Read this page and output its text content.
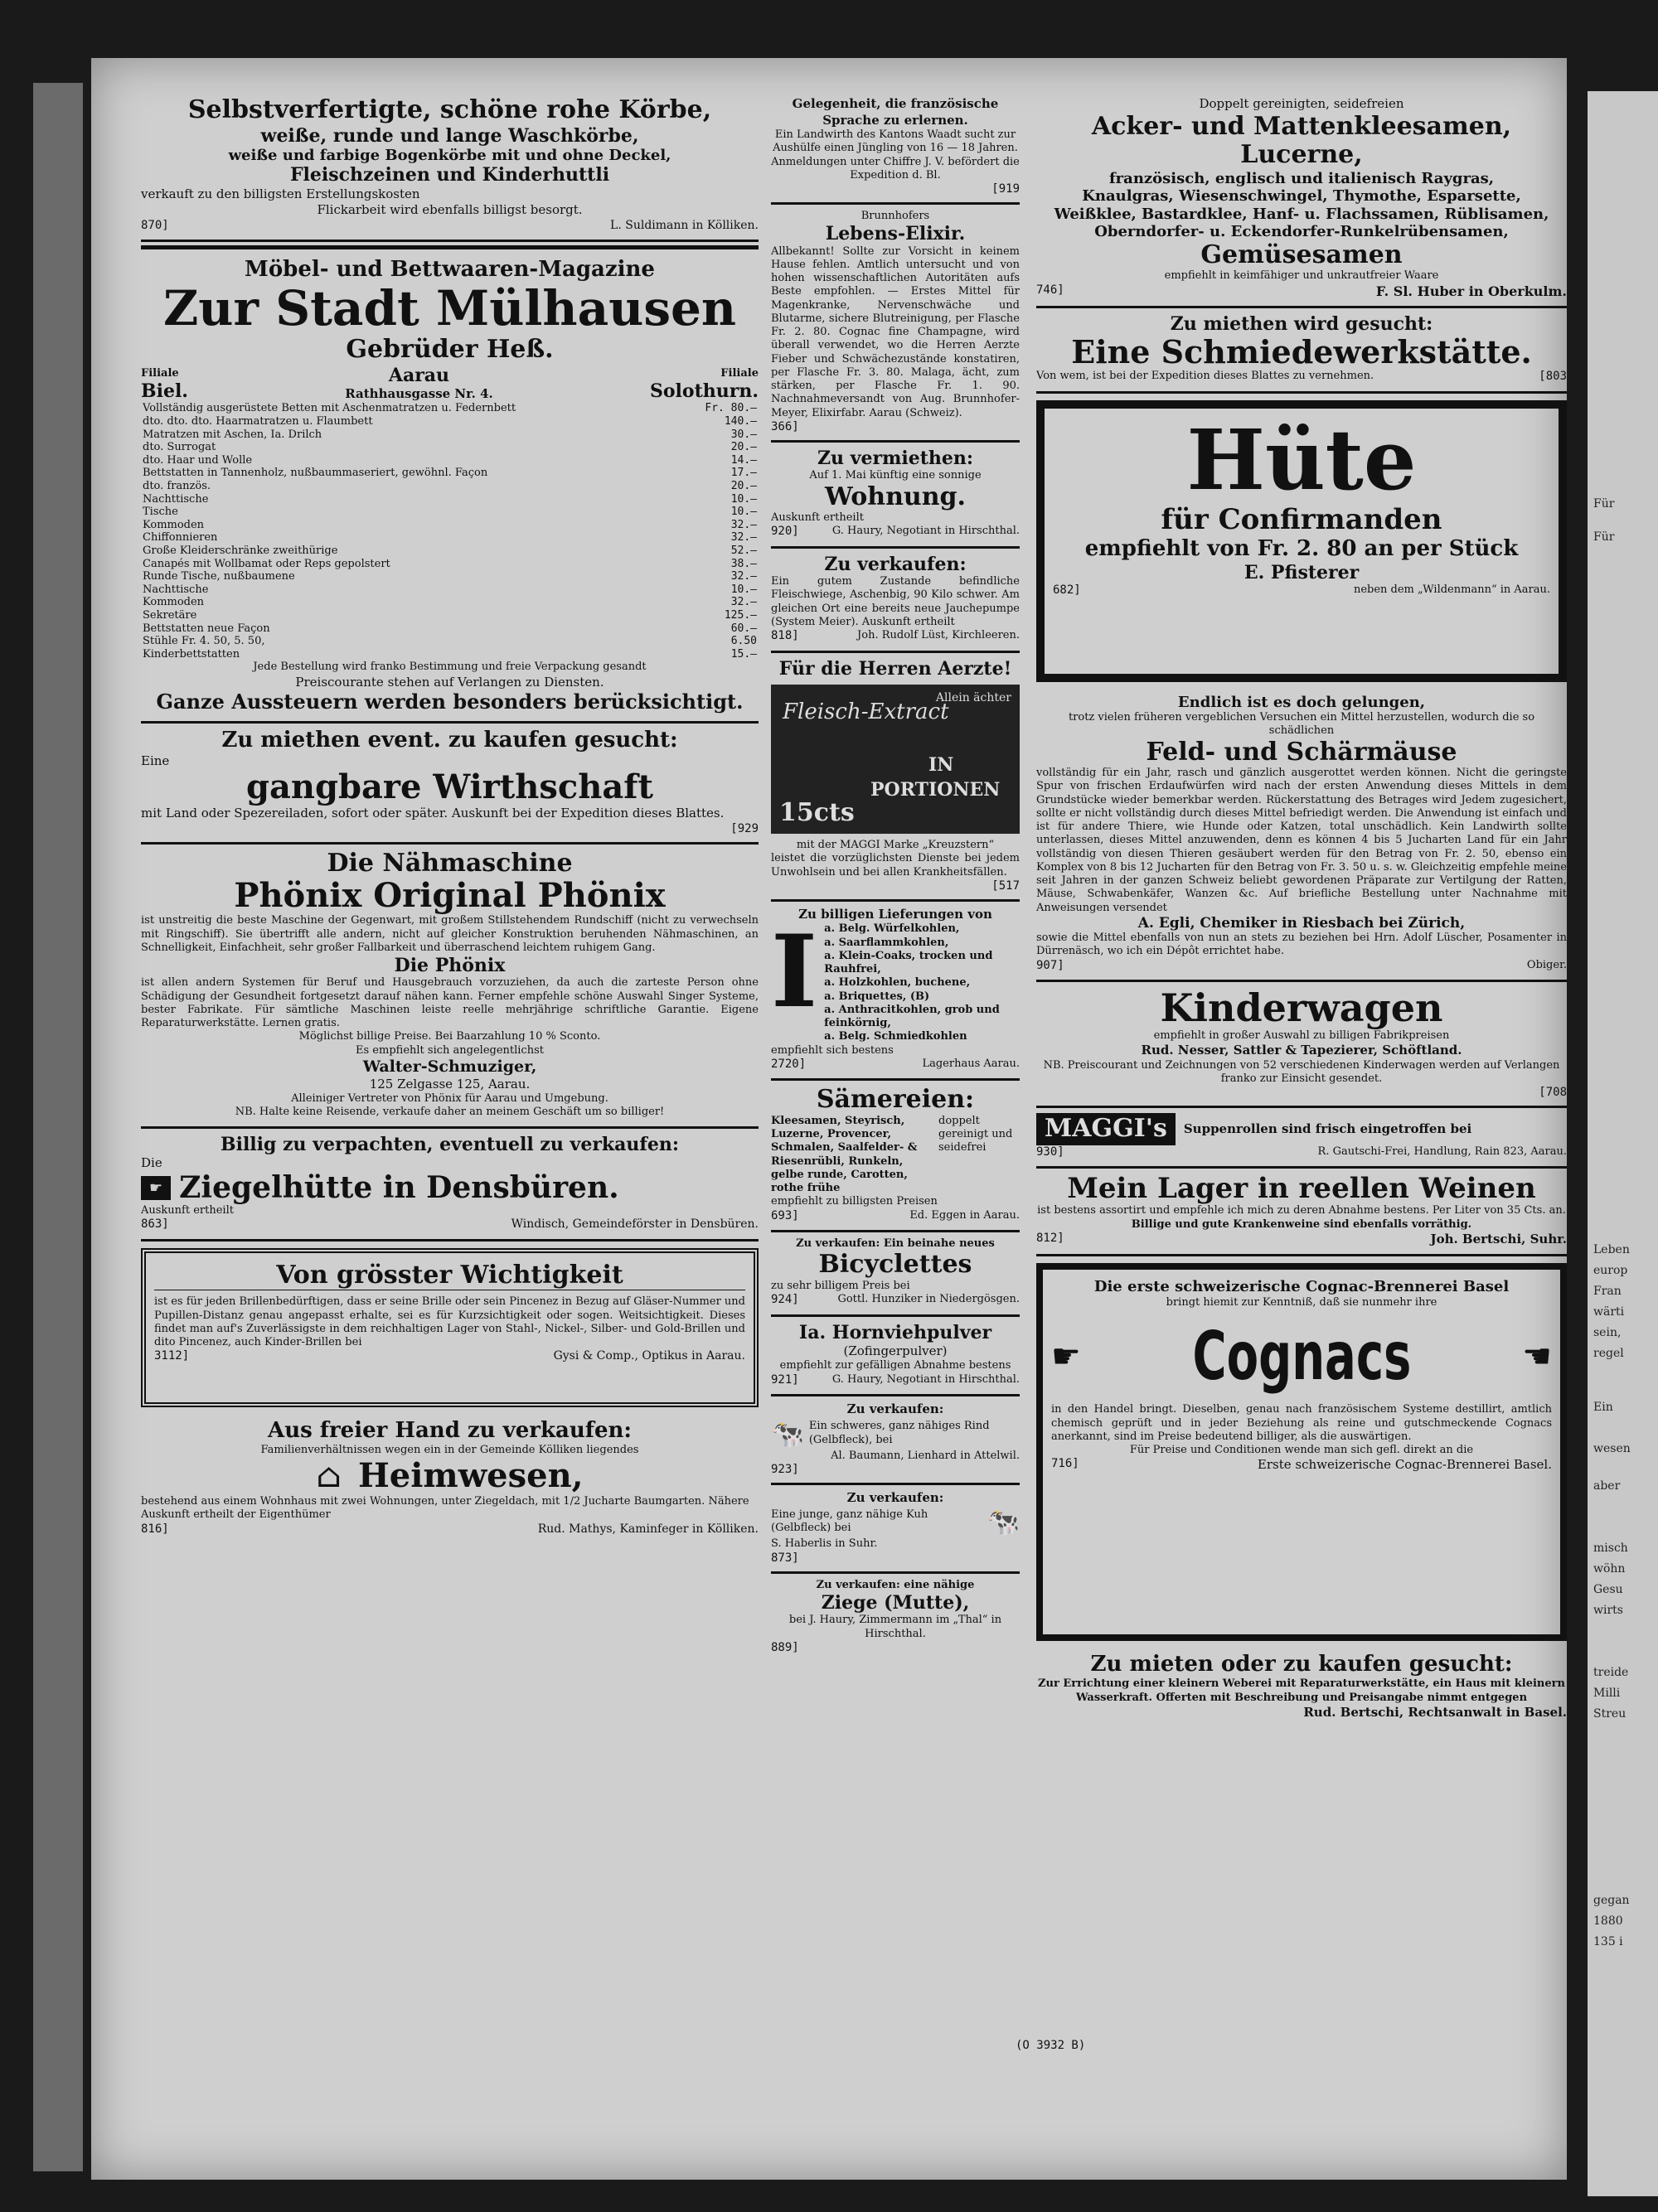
Selbstverfertigte, schöne rohe Körbe,
weiße, runde und lange Waschkörbe,
weiße und farbige Bogenkörbe mit und ohne Deckel,
Fleischzeinen und Kinderhuttli
verkauft zu den billigsten Erstellungskosten
Flickarbeit wird ebenfalls billigst besorgt.
870]	L. Suldimann in Kölliken.
Möbel- und Bettwaaren-Magazine
Zur Stadt Mülhausen
Gebrüder Heß.
Filiale
Biel.
Aarau
Rathhausgasse Nr. 4.
Filiale
Solothurn.
Vollständig ausgerüstete Betten mit Aschenmatratzen u. Federnbett	Fr. 80.—
dto. dto. dto. Haarmatratzen u. Flaumbett	140.—
Matratzen mit Aschen, Ia. Drilch	30.—
dto. Surrogat	20.—
dto. Haar und Wolle	14.—
Bettstatten in Tannenholz, nußbaummaseriert, gewöhnl. Façon	17.—
dto. französ.	20.—
Nachttische	10.—
Tische	10.—
Kommoden	32.—
Chiffonnieren	32.—
Große Kleiderschränke zweithürige	52.—
Canapés mit Wollbamat oder Reps gepolstert	38.—
Runde Tische, nußbaumene	32.—
Nachttische	10.—
Kommoden	32.—
Sekretäre	125.—
Bettstatten neue Façon	60.—
Stühle Fr. 4. 50, 5. 50,	6.50
Kinderbettstatten	15.—
Jede Bestellung wird franko Bestimmung und freie Verpackung gesandt
Preiscourante stehen auf Verlangen zu Diensten.
Ganze Aussteuern werden besonders berücksichtigt.
Zu miethen event. zu kaufen gesucht:
Eine
gangbare Wirthschaft
mit Land oder Spezereiladen, sofort oder später. Auskunft bei der Expedition dieses Blattes.
[929
Die Nähmaschine
Phönix Original Phönix
ist unstreitig die beste Maschine der Gegenwart, mit großem Stillstehendem Rundschiff (nicht zu verwechseln mit Ringschiff). Sie übertrifft alle andern, nicht auf gleicher Konstruktion beruhenden Nähmaschinen, an Schnelligkeit, Einfachheit, sehr großer Fallbarkeit und überraschend leichtem ruhigem Gang.
Die Phönix
ist allen andern Systemen für Beruf und Hausgebrauch vorzuziehen, da auch die zarteste Person ohne Schädigung der Gesundheit fortgesetzt darauf nähen kann. Ferner empfehle schöne Auswahl Singer Systeme, bester Fabrikate. Für sämtliche Maschinen leiste reelle mehrjährige schriftliche Garantie. Eigene Reparaturwerkstätte. Lernen gratis.
Möglichst billige Preise. Bei Baarzahlung 10 % Sconto.
Es empfiehlt sich angelegentlichst
Walter-Schmuziger,
125 Zelgasse 125, Aarau.
Alleiniger Vertreter von Phönix für Aarau und Umgebung.
NB. Halte keine Reisende, verkaufe daher an meinem Geschäft um so billiger!
Billig zu verpachten, eventuell zu verkaufen:
Die
☛ Ziegelhütte in Densbüren.
Auskunft ertheilt
863]	Windisch, Gemeindeförster in Densbüren.
Von grösster Wichtigkeit
ist es für jeden Brillenbedürftigen, dass er seine Brille oder sein Pincenez in Bezug auf Gläser-Nummer und Pupillen-Distanz genau angepasst erhalte, sei es für Kurzsichtigkeit oder sogen. Weitsichtigkeit. Dieses findet man auf's Zuverlässigste in dem reichhaltigen Lager von Stahl-, Nickel-, Silber- und Gold-Brillen und dito Pincenez, auch Kinder-Brillen bei
3112]	Gysi & Comp., Optikus in Aarau.
Aus freier Hand zu verkaufen:
Familienverhältnissen wegen ein in der Gemeinde Kölliken liegendes
⌂ Heimwesen,
bestehend aus einem Wohnhaus mit zwei Wohnungen, unter Ziegeldach, mit 1/2 Jucharte Baumgarten. Nähere Auskunft ertheilt der Eigenthümer
816]	Rud. Mathys, Kaminfeger in Kölliken.
Gelegenheit, die französische Sprache zu erlernen.
Ein Landwirth des Kantons Waadt sucht zur Aushülfe einen Jüngling von 16 — 18 Jahren. Anmeldungen unter Chiffre J. V. befördert die Expedition d. Bl.
[919
Brunnhofers
Lebens-Elixir.
Allbekannt! Sollte zur Vorsicht in keinem Hause fehlen. Amtlich untersucht und von hohen wissenschaftlichen Autoritäten aufs Beste empfohlen. — Erstes Mittel für Magenkranke, Nervenschwäche und Blutarme, sichere Blutreinigung, per Flasche Fr. 2. 80. Cognac fine Champagne, wird überall verwendet, wo die Herren Aerzte Fieber und Schwächezustände konstatiren, per Flasche Fr. 3. 80. Malaga, ächt, zum stärken, per Flasche Fr. 1. 90. Nachnahmeversandt von Aug. Brunnhofer-Meyer, Elixirfabr. Aarau (Schweiz).
366]
Zu vermiethen:
Auf 1. Mai künftig eine sonnige
Wohnung.
Auskunft ertheilt
920]	G. Haury, Negotiant in Hirschthal.
Zu verkaufen:
Ein gutem Zustande befindliche Fleischwiege, Aschenbig, 90 Kilo schwer. Am gleichen Ort eine bereits neue Jauchepumpe (System Meier). Auskunft ertheilt
818]	Joh. Rudolf Lüst, Kirchleeren.
Für die Herren Aerzte!
Fleisch-Extract
Allein ächter
IN
PORTIONEN
15cts
mit der MAGGI Marke „Kreuzstern“
leistet die vorzüglichsten Dienste bei jedem Unwohlsein und bei allen Krankheitsfällen.
[517
Zu billigen Lieferungen von
I a. Belg. Würfelkohlen,
a. Saarflammkohlen,
a. Klein-Coaks, trocken und Rauhfrei,
a. Holzkohlen, buchene,
a. Briquettes, (B)
a. Anthracitkohlen, grob und feinkörnig,
a. Belg. Schmiedkohlen
empfiehlt sich bestens
2720]	Lagerhaus Aarau.
Sämereien:
Kleesamen, Steyrisch, Luzerne, Provencer, Schmalen, Saalfelder- & Riesenrübli, Runkeln, gelbe runde, Carotten, rothe frühe
doppelt gereinigt und seidefrei
empfiehlt zu billigsten Preisen
693]	Ed. Eggen in Aarau.
Zu verkaufen: Ein beinahe neues
Bicyclettes
zu sehr billigem Preis bei
924]	Gottl. Hunziker in Niedergösgen.
Ia. Hornviehpulver
(Zofingerpulver)
empfiehlt zur gefälligen Abnahme bestens
921]	G. Haury, Negotiant in Hirschthal.
Zu verkaufen:
🐄 Ein schweres, ganz nähiges Rind (Gelbfleck), bei
Al. Baumann, Lienhard in Attelwil.
923]
Zu verkaufen:
Eine junge, ganz nähige Kuh (Gelbfleck) bei	🐄
S. Haberlis in Suhr.
873]
Zu verkaufen: eine nähige
Ziege (Mutte),
bei J. Haury, Zimmermann im „Thal“ in Hirschthal.
889]
Doppelt gereinigten, seidefreien
Acker- und Mattenkleesamen, Lucerne,
französisch, englisch und italienisch Raygras,
Knaulgras, Wiesenschwingel, Thymothe, Esparsette,
Weißklee, Bastardklee, Hanf- u. Flachssamen, Rüblisamen,
Oberndorfer- u. Eckendorfer-Runkelrübensamen,
Gemüsesamen
empfiehlt in keimfähiger und unkrautfreier Waare
746]	F. Sl. Huber in Oberkulm.
Zu miethen wird gesucht:
Eine Schmiedewerkstätte.
Von wem, ist bei der Expedition dieses Blattes zu vernehmen.	[803
Hüte
für Confirmanden
empfiehlt von Fr. 2. 80 an per Stück
E. Pfisterer
682]	neben dem „Wildenmann“ in Aarau.
Endlich ist es doch gelungen,
trotz vielen früheren vergeblichen Versuchen ein Mittel herzustellen, wodurch die so schädlichen
Feld- und Schärmäuse
vollständig für ein Jahr, rasch und gänzlich ausgerottet werden können. Nicht die geringste Spur von frischen Erdaufwürfen wird nach der ersten Anwendung dieses Mittels in dem Grundstücke wieder bemerkbar werden. Rückerstattung des Betrages wird Jedem zugesichert, sollte er nicht vollständig durch dieses Mittel befriedigt werden. Die Anwendung ist einfach und ist für andere Thiere, wie Hunde oder Katzen, total unschädlich. Kein Landwirth sollte unterlassen, dieses Mittel anzuwenden, denn es können 4 bis 5 Jucharten Land für ein Jahr vollständig von diesen Thieren gesäubert werden für den Betrag von Fr. 2. 50, ebenso ein Komplex von 8 bis 12 Jucharten für den Betrag von Fr. 3. 50 u. s. w. Gleichzeitig empfehle meine seit Jahren in der ganzen Schweiz beliebt gewordenen Präparate zur Vertilgung der Ratten, Mäuse, Schwabenkäfer, Wanzen &c. Auf briefliche Bestellung unter Nachnahme mit Anweisungen versendet
A. Egli, Chemiker in Riesbach bei Zürich,
sowie die Mittel ebenfalls von nun an stets zu beziehen bei Hrn. Adolf Lüscher, Posamenter in Dürrenäsch, wo ich ein Dépôt errichtet habe.
907]	Obiger.
Kinderwagen
empfiehlt in großer Auswahl zu billigen Fabrikpreisen
Rud. Nesser, Sattler & Tapezierer, Schöftland.
NB. Preiscourant und Zeichnungen von 52 verschiedenen Kinderwagen werden auf Verlangen franko zur Einsicht gesendet.
[708
MAGGI's	Suppenrollen sind frisch eingetroffen bei
930]	R. Gautschi-Frei, Handlung, Rain 823, Aarau.
Mein Lager in reellen Weinen
ist bestens assortirt und empfehle ich mich zu deren Abnahme bestens. Per Liter von 35 Cts. an.
Billige und gute Krankenweine sind ebenfalls vorräthig.
812]	Joh. Bertschi, Suhr.
Die erste schweizerische Cognac-Brennerei Basel
bringt hiemit zur Kenntniß, daß sie nunmehr ihre
☛ Cognacs	☚
in den Handel bringt. Dieselben, genau nach französischem Systeme destillirt, amtlich chemisch geprüft und in jeder Beziehung als reine und gutschmeckende Cognacs anerkannt, sind im Preise bedeutend billiger, als die auswärtigen.
Für Preise und Conditionen wende man sich gefl. direkt an die
716]	Erste schweizerische Cognac-Brennerei Basel.
Zu mieten oder zu kaufen gesucht:
Zur Errichtung einer kleinern Weberei mit Reparaturwerkstätte, ein Haus mit kleinern Wasserkraft. Offerten mit Beschreibung und Preisangabe nimmt entgegen
Rud. Bertschi, Rechtsanwalt in Basel.
(O 3932 B)
Für
Für
Leben
europ
Fran
wärti
sein,
regel
Ein
wesen
aber
misch
wöhn
Gesu
wirts
treide
Milli
Streu
gegan
1880
135 i
